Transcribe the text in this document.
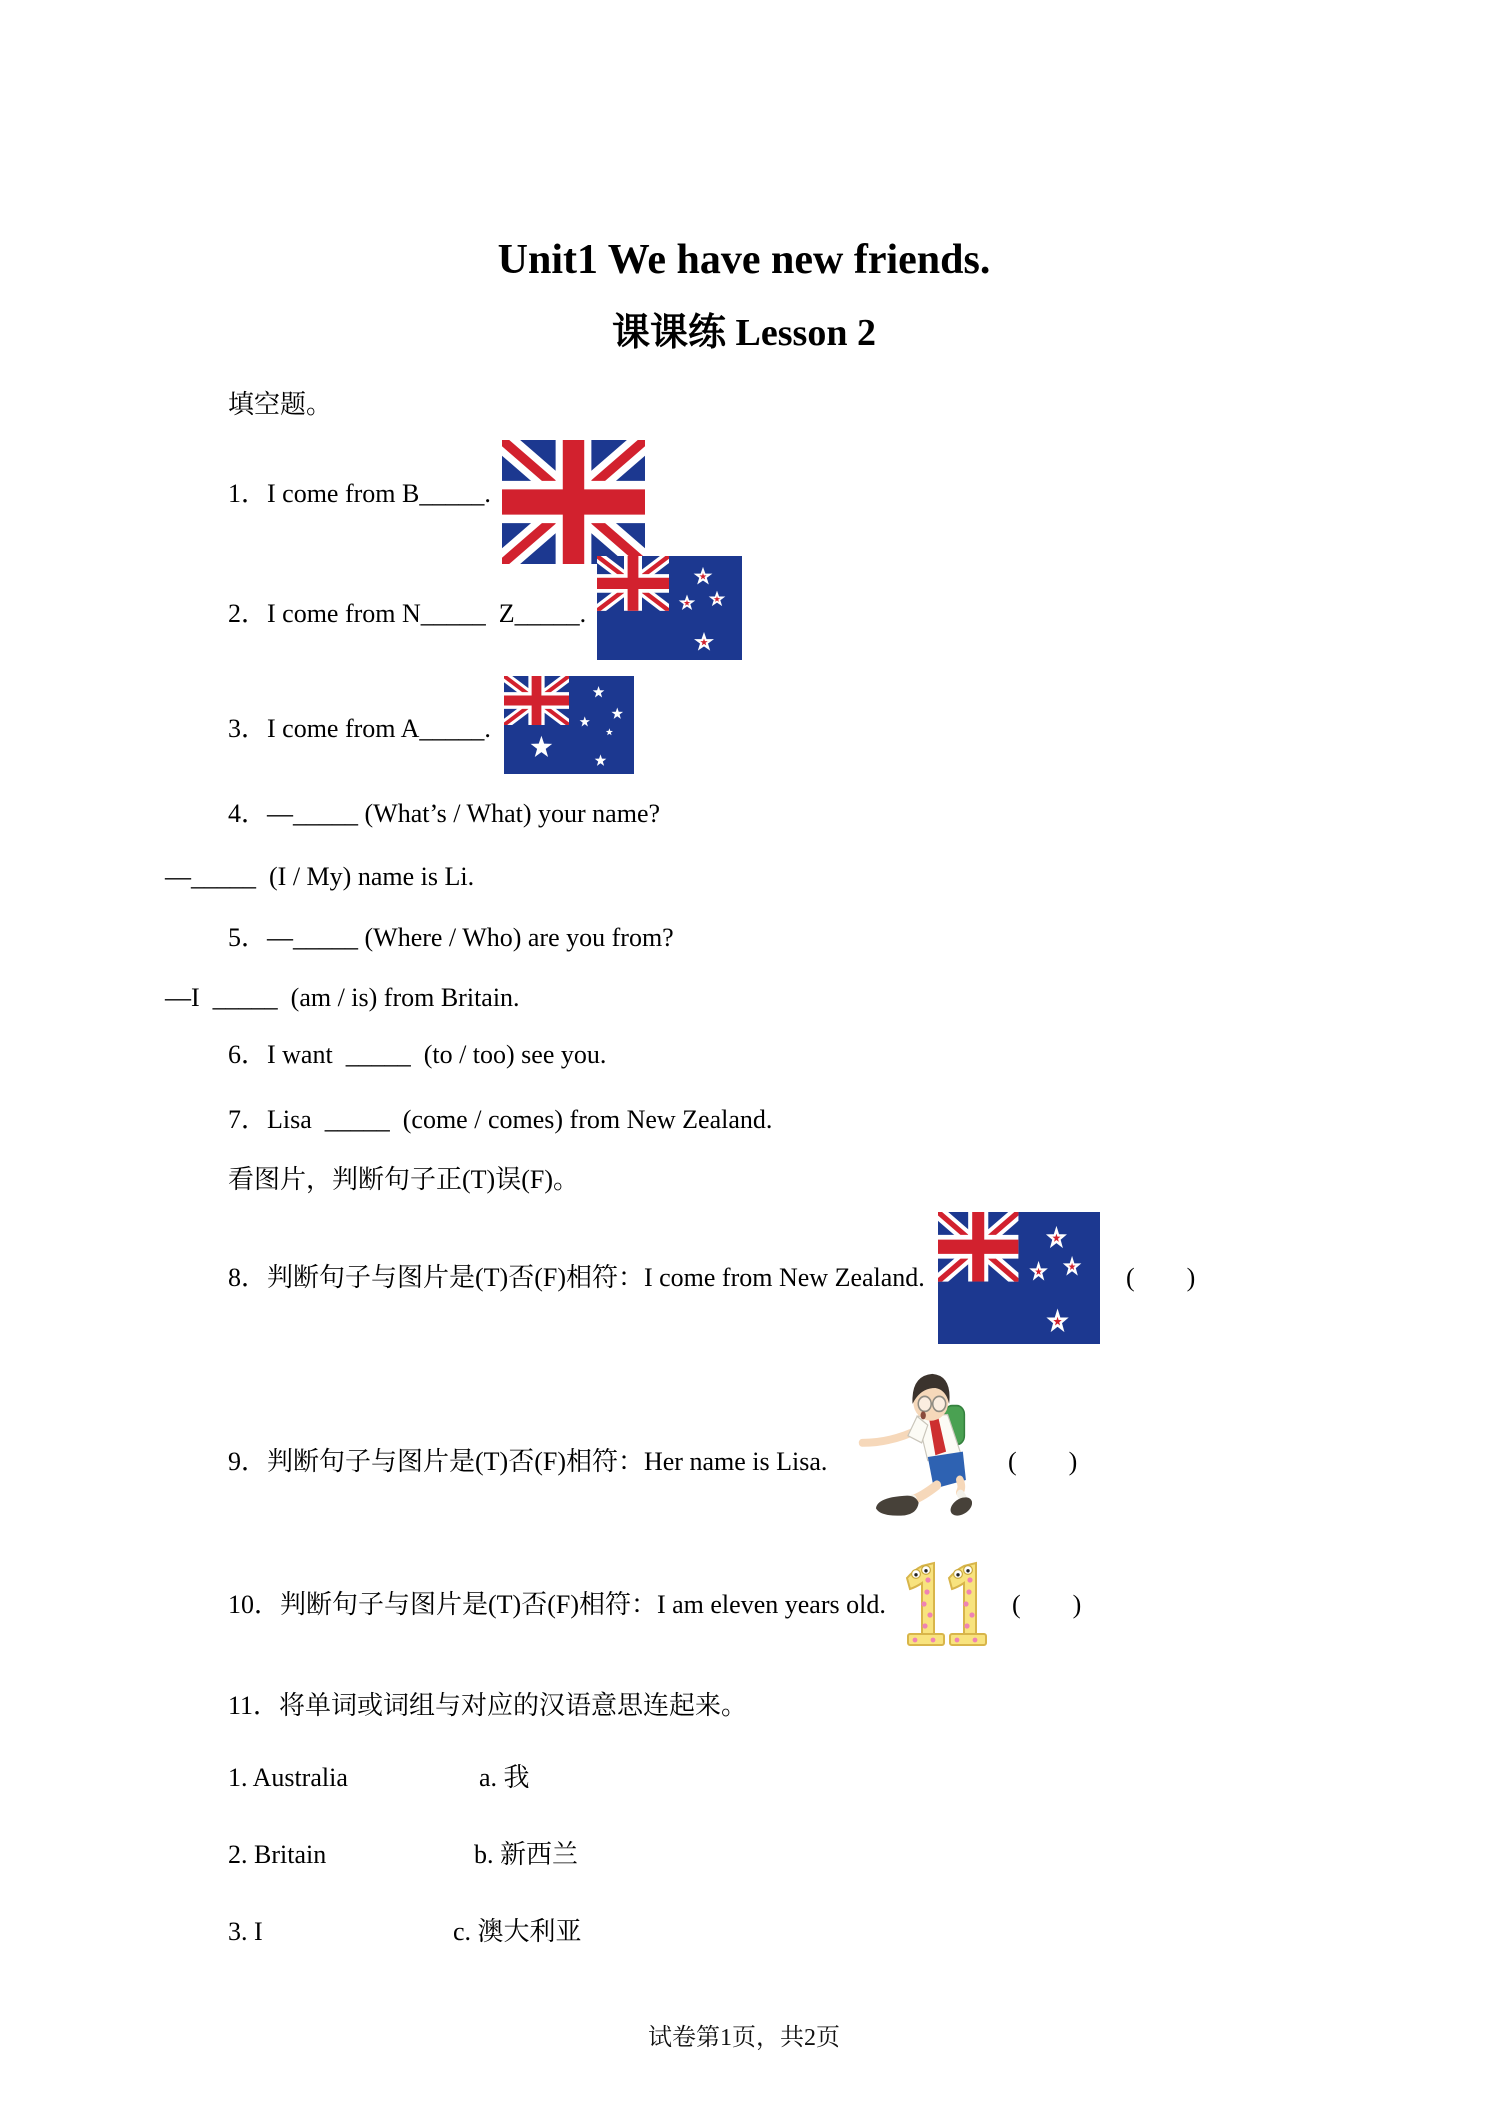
Unit1 We have new friends.
课课练 Lesson 2
填空题。
1．I come from B_____.
2．I come from N_____  Z_____.
3．I come from A_____.
4．—_____ (What’s / What) your name?
—_____  (I / My) name is Li.
5．—_____ (Where / Who) are you from?
—I  _____  (am / is) from Britain.
6．I want  _____  (to / too) see you.
7．Lisa  _____  (come / comes) from New Zealand.
看图片，判断句子正(T)误(F)。
8．判断句子与图片是(T)否(F)相符：I come from New Zealand.	(　　)
9．判断句子与图片是(T)否(F)相符：Her name is Lisa.	(　　)
10．判断句子与图片是(T)否(F)相符：I am eleven years old.	(　　)
11．将单词或词组与对应的汉语意思连起来。
1. Australia	a. 我
2. Britain	b. 新西兰
3. I	c. 澳大利亚
试卷第1页，共2页
